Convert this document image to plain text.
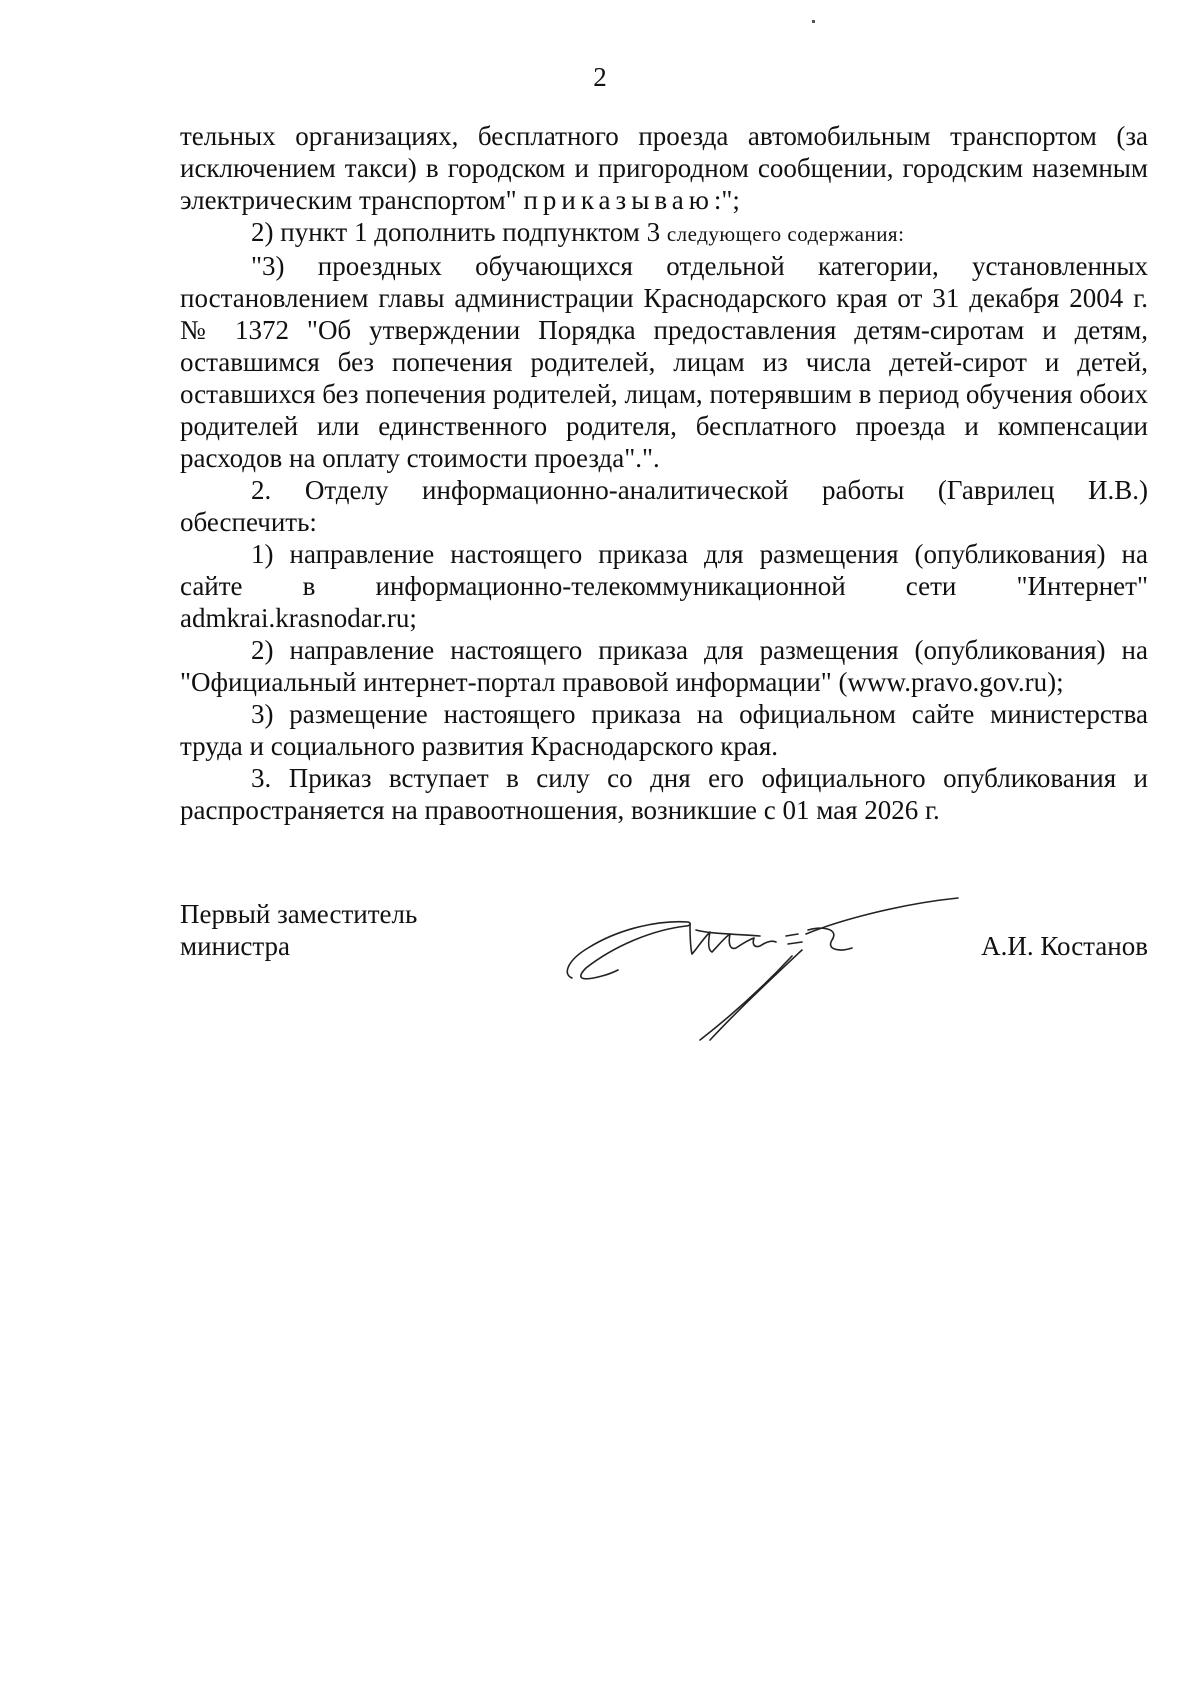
2

тельных организациях, бесплатного проезда автомобильным транспортом (за исключением такси) в городском и пригородном сообщении, городским наземным электрическим транспортом" приказываю:";

2) пункт 1 дополнить подпунктом 3 следующего содержания:

"3) проездных обучающихся отдельной категории, установленных постановлением главы администрации Краснодарского края от 31 декабря 2004 г. № 1372 "Об утверждении Порядка предоставления детям-сиротам и детям, оставшимся без попечения родителей, лицам из числа детей-сирот и детей, оставшихся без попечения родителей, лицам, потерявшим в период обучения обоих родителей или единственного родителя, бесплатного проезда и компенсации расходов на оплату стоимости проезда".".

2. Отделу информационно-аналитической работы (Гаврилец И.В.) обеспечить:

1) направление настоящего приказа для размещения (опубликования) на сайте в информационно-телекоммуникационной сети "Интернет" admkrai.krasnodar.ru;

2) направление настоящего приказа для размещения (опубликования) на "Официальный интернет-портал правовой информации" (www.pravo.gov.ru);

3) размещение настоящего приказа на официальном сайте министерства труда и социального развития Краснодарского края.

3. Приказ вступает в силу со дня его официального опубликования и распространяется на правоотношения, возникшие с 01 мая 2026 г.

Первый заместитель
министра	А.И. Костанов
